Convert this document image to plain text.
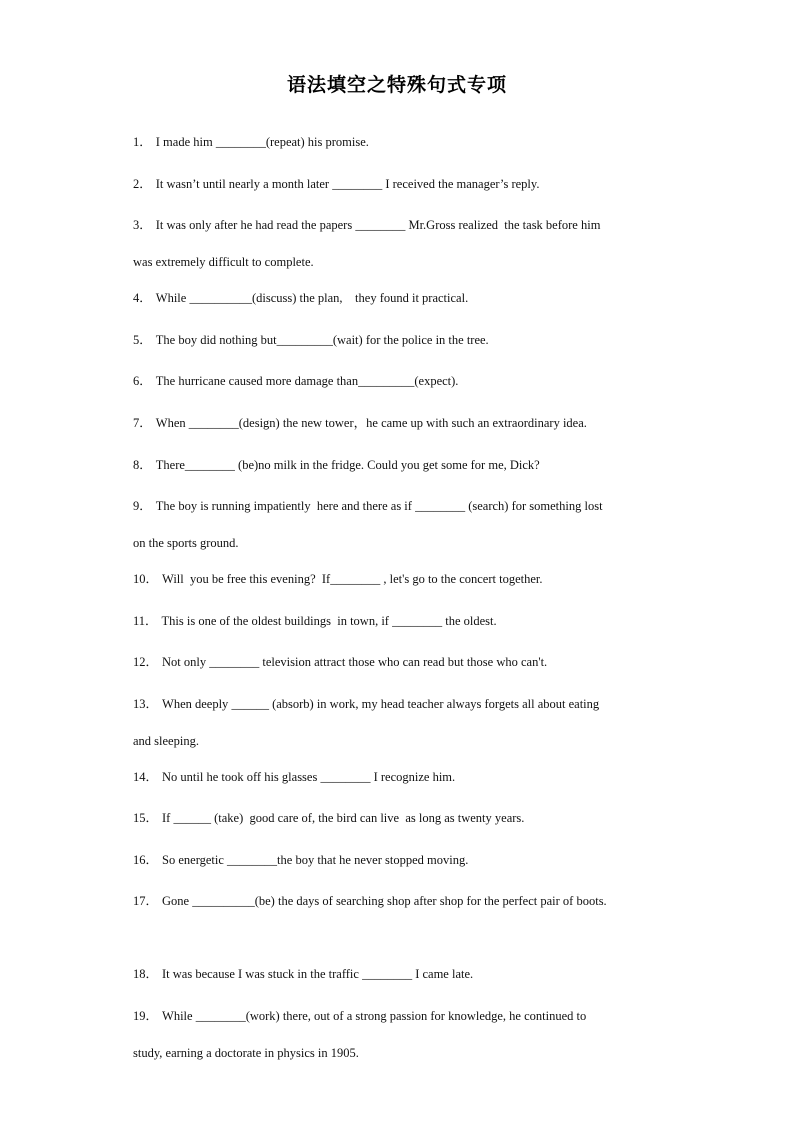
语法填空之特殊句式专项
1． I made him ________(repeat) his promise.
2． It wasn’t until nearly a month later ________ I received the manager’s reply.
3． It was only after he had read the papers ________ Mr.Gross realized  the task before him
was extremely difficult to complete.
4． While __________(discuss) the plan,    they found it practical.
5． The boy did nothing but_________(wait) for the police in the tree.
6． The hurricane caused more damage than_________(expect).
7． When ________(design) the new tower，he came up with such an extraordinary idea.
8． There________ (be)no milk in the fridge. Could you get some for me, Dick?
9． The boy is running impatiently  here and there as if ________ (search) for something lost
on the sports ground.
10． Will  you be free this evening?  If________ , let's go to the concert together.
11． This is one of the oldest buildings  in town, if ________ the oldest.
12． Not only ________ television attract those who can read but those who can't.
13． When deeply ______ (absorb) in work, my head teacher always forgets all about eating
and sleeping.
14． No until he took off his glasses ________ I recognize him.
15． If ______ (take)  good care of, the bird can live  as long as twenty years.
16． So energetic ________the boy that he never stopped moving.
17． Gone __________(be) the days of searching shop after shop for the perfect pair of boots.
18． It was because I was stuck in the traffic ________ I came late.
19． While ________(work) there, out of a strong passion for knowledge, he continued to
study, earning a doctorate in physics in 1905.
